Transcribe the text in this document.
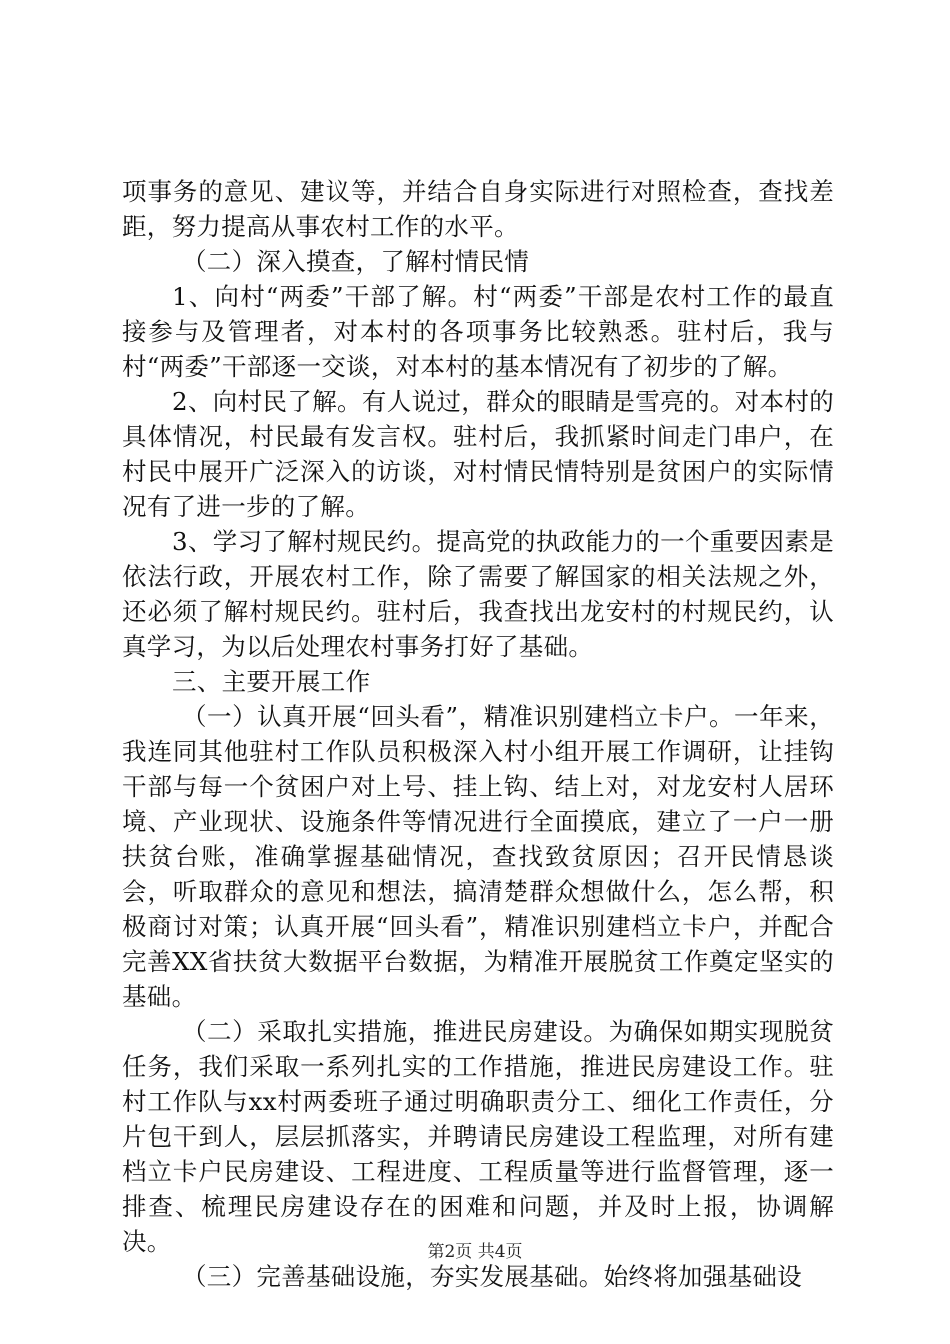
项事务的意见、建议等，并结合自身实际进行对照检查，查找差距，努力提高从事农村工作的水平。

（二）深入摸查，了解村情民情

1、向村“两委”干部了解。村“两委”干部是农村工作的最直接参与及管理者，对本村的各项事务比较熟悉。驻村后，我与村“两委”干部逐一交谈，对本村的基本情况有了初步的了解。

2、向村民了解。有人说过，群众的眼睛是雪亮的。对本村的具体情况，村民最有发言权。驻村后，我抓紧时间走门串户，在村民中展开广泛深入的访谈，对村情民情特别是贫困户的实际情况有了进一步的了解。

3、学习了解村规民约。提高党的执政能力的一个重要因素是依法行政，开展农村工作，除了需要了解国家的相关法规之外，还必须了解村规民约。驻村后，我查找出龙安村的村规民约，认真学习，为以后处理农村事务打好了基础。

三、主要开展工作

（一）认真开展“回头看”，精准识别建档立卡户。一年来，我连同其他驻村工作队员积极深入村小组开展工作调研，让挂钩干部与每一个贫困户对上号、挂上钩、结上对，对龙安村人居环境、产业现状、设施条件等情况进行全面摸底，建立了一户一册扶贫台账，准确掌握基础情况，查找致贫原因；召开民情恳谈会，听取群众的意见和想法，搞清楚群众想做什么，怎么帮，积极商讨对策；认真开展“回头看”，精准识别建档立卡户，并配合完善XX省扶贫大数据平台数据，为精准开展脱贫工作奠定坚实的基础。

（二）采取扎实措施，推进民房建设。为确保如期实现脱贫任务，我们采取一系列扎实的工作措施，推进民房建设工作。驻村工作队与xx村两委班子通过明确职责分工、细化工作责任，分片包干到人，层层抓落实，并聘请民房建设工程监理，对所有建档立卡户民房建设、工程进度、工程质量等进行监督管理，逐一排查、梳理民房建设存在的困难和问题，并及时上报，协调解决。

（三）完善基础设施，夯实发展基础。始终将加强基础设

第2页 共4页
